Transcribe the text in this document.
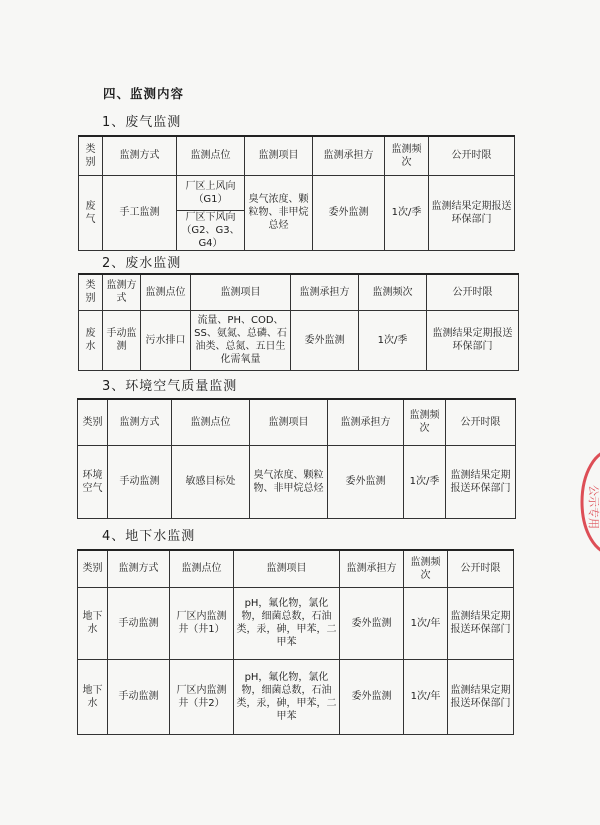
四、监测内容
1、废气监测
类别	监测方式	监测点位	监测项目	监测承担方	监测频次	公开时限
废气	手工监测	厂区上风向（G1）	臭气浓度、颗粒物、非甲烷总烃	委外监测	1次/季	监测结果定期报送环保部门
		厂区下风向（G2、G3、G4）				
2、废水监测
类别	监测方式	监测点位	监测项目	监测承担方	监测频次	公开时限
废水	手动监测	污水排口	流量、PH、COD、SS、氨氮、总磷、石油类、总氮、五日生化需氧量	委外监测	1次/季	监测结果定期报送环保部门
3、环境空气质量监测
类别	监测方式	监测点位	监测项目	监测承担方	监测频次	公开时限
环境空气	手动监测	敏感目标处	臭气浓度、颗粒物、非甲烷总烃	委外监测	1次/季	监测结果定期报送环保部门
4、地下水监测
类别	监测方式	监测点位	监测项目	监测承担方	监测频次	公开时限
地下水	手动监测	厂区内监测井（井1）	pH，氟化物，氯化物，细菌总数，石油类，汞，砷，甲苯，二甲苯	委外监测	1次/年	监测结果定期报送环保部门
地下水	手动监测	厂区内监测井（井2）	pH，氟化物，氯化物，细菌总数，石油类，汞，砷，甲苯，二甲苯	委外监测	1次/年	监测结果定期报送环保部门
公示专用
